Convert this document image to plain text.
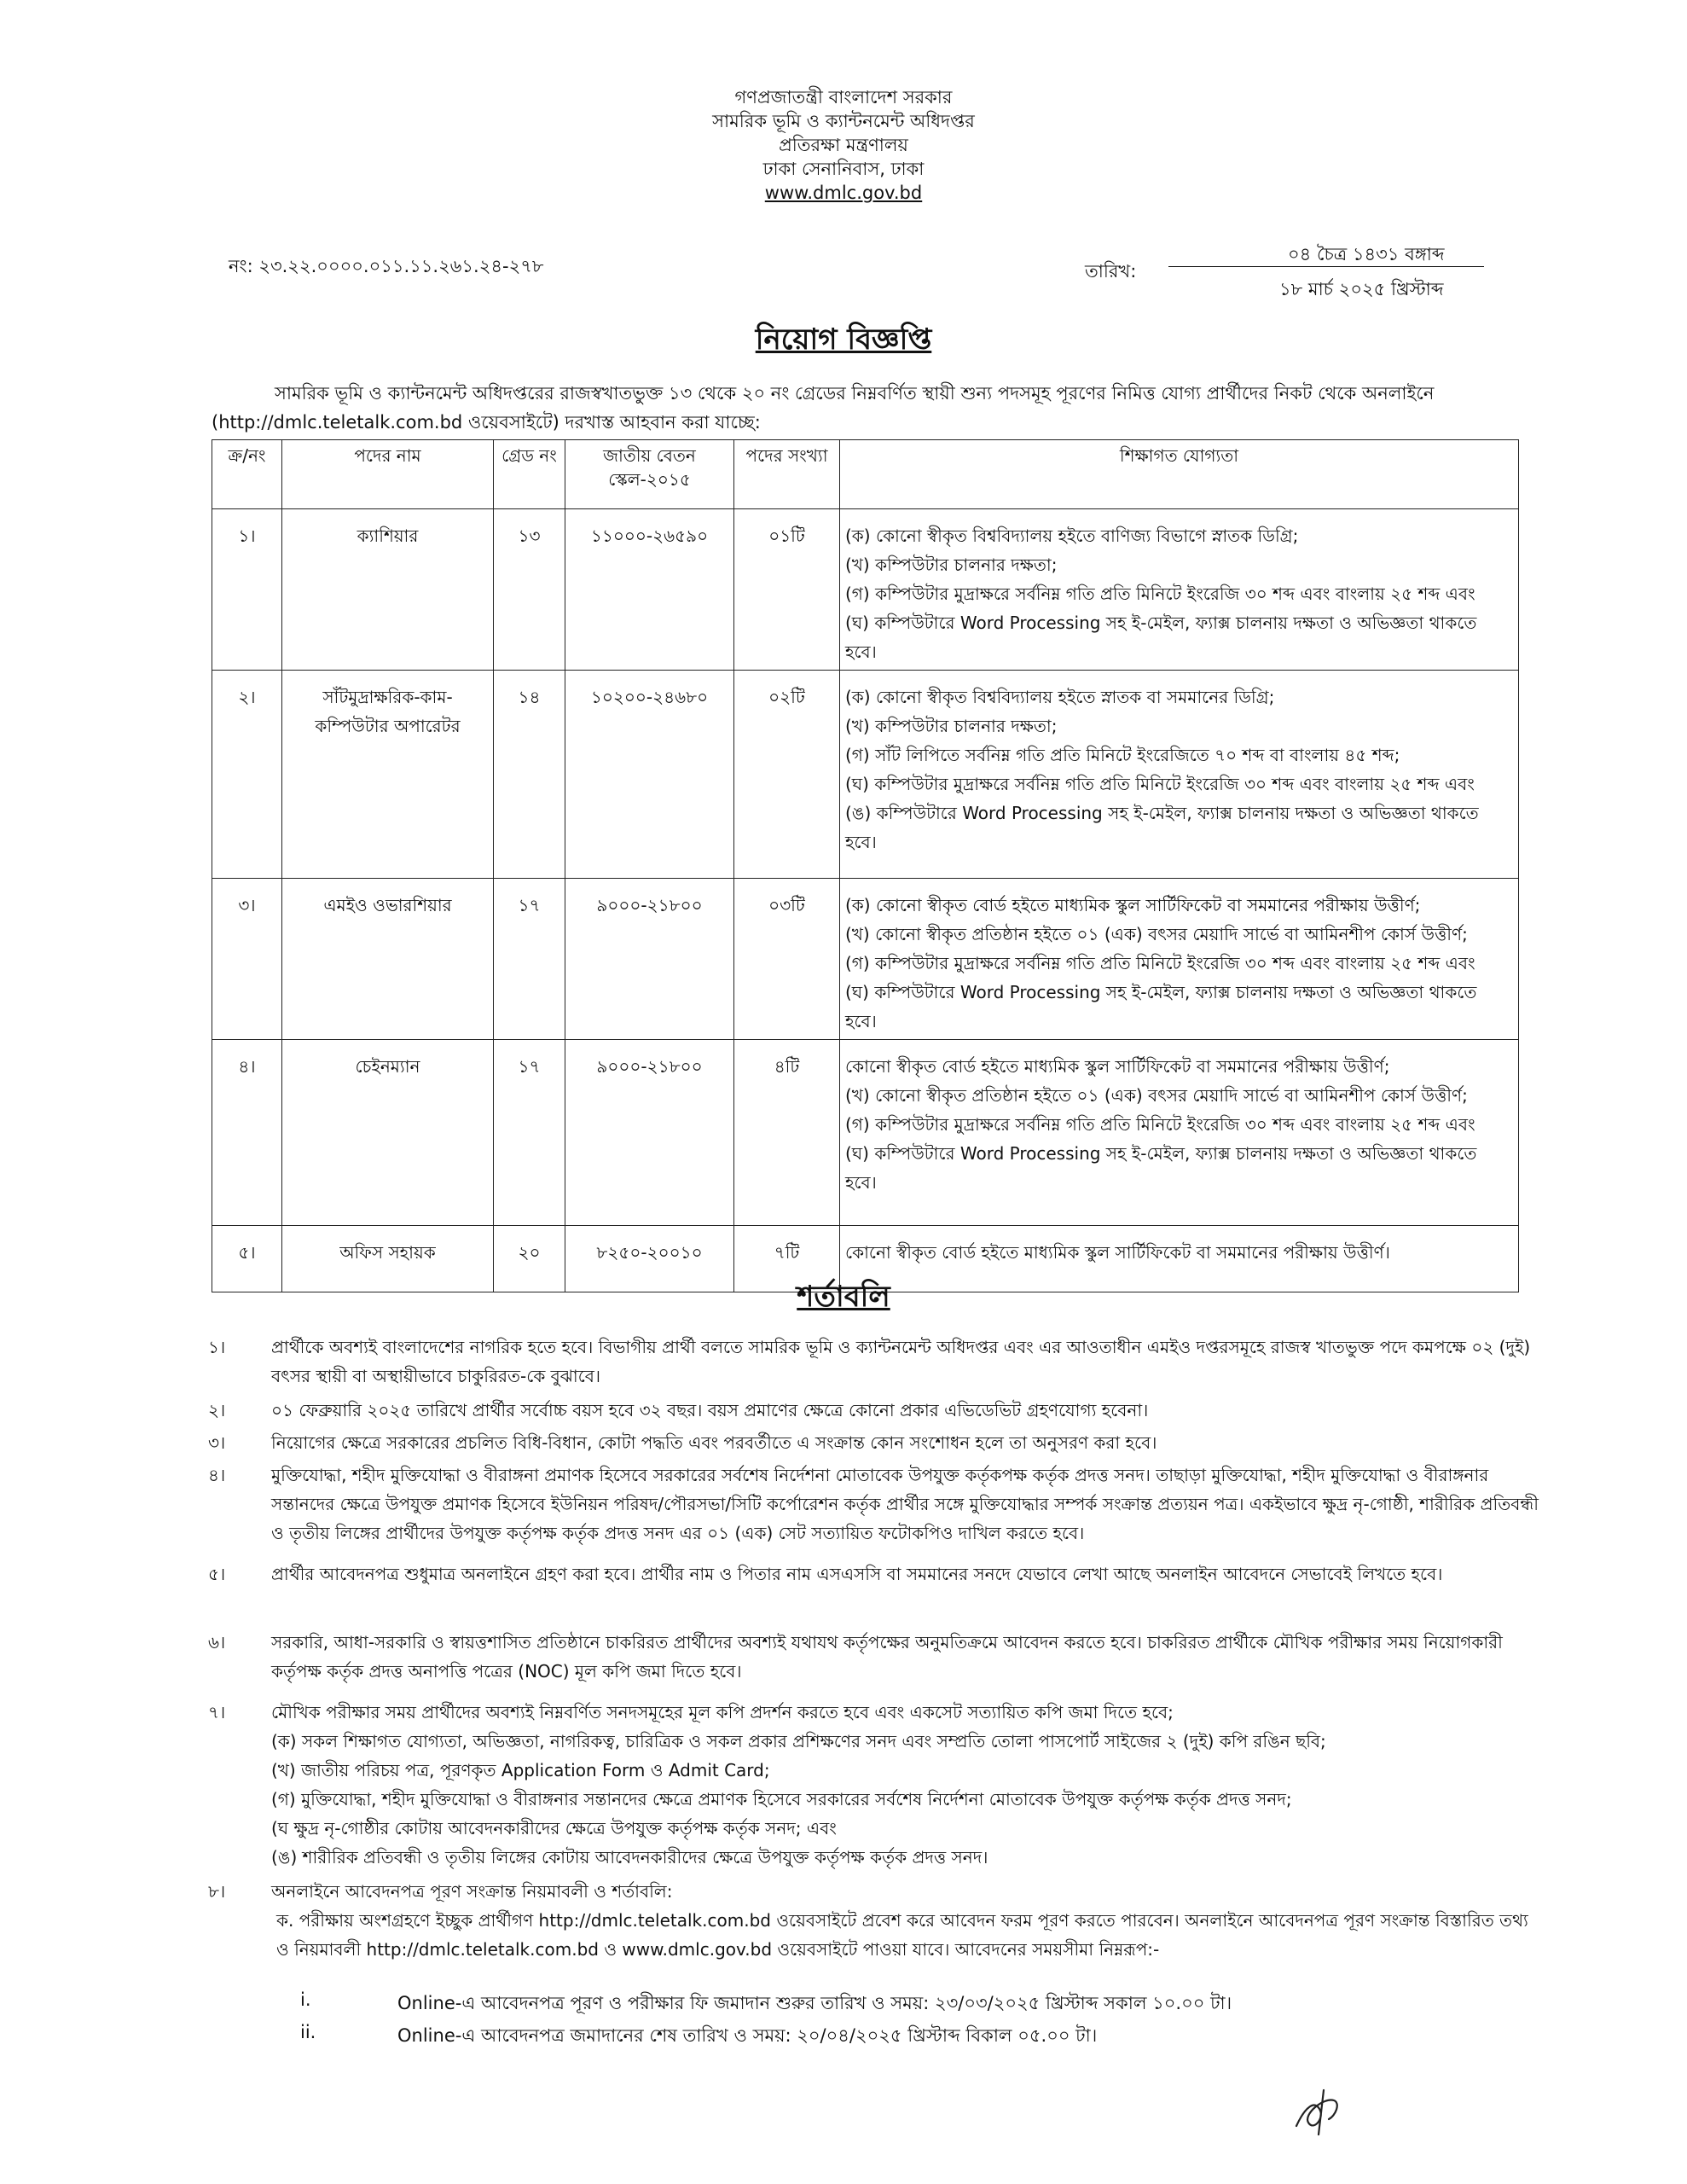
গণপ্রজাতন্ত্রী বাংলাদেশ সরকার
সামরিক ভূমি ও ক্যান্টনমেন্ট অধিদপ্তর
প্রতিরক্ষা মন্ত্রণালয়
ঢাকা সেনানিবাস, ঢাকা
www.dmlc.gov.bd
নং: ২৩.২২.০০০০.০১১.১১.২৬১.২৪-২৭৮	তারিখ:
০৪ চৈত্র ১৪৩১ বঙ্গাব্দ
১৮ মার্চ ২০২৫ খ্রিস্টাব্দ
নিয়োগ বিজ্ঞপ্তি
সামরিক ভূমি ও ক্যান্টনমেন্ট অধিদপ্তরের রাজস্বখাতভুক্ত ১৩ থেকে ২০ নং গ্রেডের নিম্নবর্ণিত স্থায়ী শুন্য পদসমূহ পূরণের নিমিত্ত যোগ্য প্রার্থীদের নিকট থেকে অনলাইনে (http://dmlc.teletalk.com.bd ওয়েবসাইটে) দরখাস্ত আহবান করা যাচ্ছে:
ক্র/নং	পদের নাম	গ্রেড নং	জাতীয় বেতন স্কেল-২০১৫	পদের সংখ্যা	শিক্ষাগত যোগ্যতা
১।	ক্যাশিয়ার	১৩	১১০০০-২৬৫৯০	০১টি	(ক) কোনো স্বীকৃত বিশ্ববিদ্যালয় হইতে বাণিজ্য বিভাগে স্নাতক ডিগ্রি;
(খ) কম্পিউটার চালনার দক্ষতা;
(গ) কম্পিউটার মুদ্রাক্ষরে সর্বনিম্ন গতি প্রতি মিনিটে ইংরেজি ৩০ শব্দ এবং বাংলায় ২৫ শব্দ এবং
(ঘ) কম্পিউটারে Word Processing সহ ই-মেইল, ফ্যাক্স চালনায় দক্ষতা ও অভিজ্ঞতা থাকতে হবে।

২।	সাঁটমুদ্রাক্ষরিক-কাম-কম্পিউটার অপারেটর	১৪	১০২০০-২৪৬৮০	০২টি	(ক) কোনো স্বীকৃত বিশ্ববিদ্যালয় হইতে স্নাতক বা সমমানের ডিগ্রি;
(খ) কম্পিউটার চালনার দক্ষতা;
(গ) সাঁট লিপিতে সর্বনিম্ন গতি প্রতি মিনিটে ইংরেজিতে ৭০ শব্দ বা বাংলায় ৪৫ শব্দ;
(ঘ) কম্পিউটার মুদ্রাক্ষরে সর্বনিম্ন গতি প্রতি মিনিটে ইংরেজি ৩০ শব্দ এবং বাংলায় ২৫ শব্দ এবং
(ঙ) কম্পিউটারে Word Processing সহ ই-মেইল, ফ্যাক্স চালনায় দক্ষতা ও অভিজ্ঞতা থাকতে হবে।

৩।	এমইও ওভারশিয়ার	১৭	৯০০০-২১৮০০	০৩টি	(ক) কোনো স্বীকৃত বোর্ড হইতে মাধ্যমিক স্কুল সার্টিফিকেট বা সমমানের পরীক্ষায় উত্তীর্ণ;
(খ) কোনো স্বীকৃত প্রতিষ্ঠান হইতে ০১ (এক) বৎসর মেয়াদি সার্ভে বা আমিনশীপ কোর্স উত্তীর্ণ;
(গ) কম্পিউটার মুদ্রাক্ষরে সর্বনিম্ন গতি প্রতি মিনিটে ইংরেজি ৩০ শব্দ এবং বাংলায় ২৫ শব্দ এবং
(ঘ) কম্পিউটারে Word Processing সহ ই-মেইল, ফ্যাক্স চালনায় দক্ষতা ও অভিজ্ঞতা থাকতে হবে।

৪।	চেইনম্যান	১৭	৯০০০-২১৮০০	৪টি	কোনো স্বীকৃত বোর্ড হইতে মাধ্যমিক স্কুল সার্টিফিকেট বা সমমানের পরীক্ষায় উত্তীর্ণ;
(খ) কোনো স্বীকৃত প্রতিষ্ঠান হইতে ০১ (এক) বৎসর মেয়াদি সার্ভে বা আমিনশীপ কোর্স উত্তীর্ণ;
(গ) কম্পিউটার মুদ্রাক্ষরে সর্বনিম্ন গতি প্রতি মিনিটে ইংরেজি ৩০ শব্দ এবং বাংলায় ২৫ শব্দ এবং
(ঘ) কম্পিউটারে Word Processing সহ ই-মেইল, ফ্যাক্স চালনায় দক্ষতা ও অভিজ্ঞতা থাকতে হবে।

৫।	অফিস সহায়ক	২০	৮২৫০-২০০১০	৭টি	কোনো স্বীকৃত বোর্ড হইতে মাধ্যমিক স্কুল সার্টিফিকেট বা সমমানের পরীক্ষায় উত্তীর্ণ।
শর্তাবলি
১।	প্রার্থীকে অবশ্যই বাংলাদেশের নাগরিক হতে হবে। বিভাগীয় প্রার্থী বলতে সামরিক ভূমি ও ক্যান্টনমেন্ট অধিদপ্তর এবং এর আওতাধীন এমইও দপ্তরসমূহে রাজস্ব খাতভুক্ত পদে কমপক্ষে ০২ (দুই) বৎসর স্থায়ী বা অস্থায়ীভাবে চাকুরিরত-কে বুঝাবে।
২।	০১ ফেব্রুয়ারি ২০২৫ তারিখে প্রার্থীর সর্বোচ্চ বয়স হবে ৩২ বছর। বয়স প্রমাণের ক্ষেত্রে কোনো প্রকার এভিডেভিট গ্রহণযোগ্য হবেনা।
৩।	নিয়োগের ক্ষেত্রে সরকারের প্রচলিত বিধি-বিধান, কোটা পদ্ধতি এবং পরবর্তীতে এ সংক্রান্ত কোন সংশোধন হলে তা অনুসরণ করা হবে।
৪।	মুক্তিযোদ্ধা, শহীদ মুক্তিযোদ্ধা ও বীরাঙ্গনা প্রমাণক হিসেবে সরকারের সর্বশেষ নির্দেশনা মোতাবেক উপযুক্ত কর্তৃকপক্ষ কর্তৃক প্রদত্ত সনদ। তাছাড়া মুক্তিযোদ্ধা, শহীদ মুক্তিযোদ্ধা ও বীরাঙ্গনার সন্তানদের ক্ষেত্রে উপযুক্ত প্রমাণক হিসেবে ইউনিয়ন পরিষদ/পৌরসভা/সিটি কর্পোরেশন কর্তৃক প্রার্থীর সঙ্গে মুক্তিযোদ্ধার সম্পর্ক সংক্রান্ত প্রত্যয়ন পত্র। একইভাবে ক্ষুদ্র নৃ-গোষ্ঠী, শারীরিক প্রতিবন্ধী ও তৃতীয় লিঙ্গের প্রার্থীদের উপযুক্ত কর্তৃপক্ষ কর্তৃক প্রদত্ত সনদ এর ০১ (এক) সেট সত্যায়িত ফটোকপিও দাখিল করতে হবে।
৫।	প্রার্থীর আবেদনপত্র শুধুমাত্র অনলাইনে গ্রহণ করা হবে। প্রার্থীর নাম ও পিতার নাম এসএসসি বা সমমানের সনদে যেভাবে লেখা আছে অনলাইন আবেদনে সেভাবেই লিখতে হবে।
৬।	সরকারি, আধা-সরকারি ও স্বায়ত্তশাসিত প্রতিষ্ঠানে চাকরিরত প্রার্থীদের অবশ্যই যথাযথ কর্তৃপক্ষের অনুমতিক্রমে আবেদন করতে হবে। চাকরিরত প্রার্থীকে মৌখিক পরীক্ষার সময় নিয়োগকারী কর্তৃপক্ষ কর্তৃক প্রদত্ত অনাপত্তি পত্রের (NOC) মূল কপি জমা দিতে হবে।
৭।	মৌখিক পরীক্ষার সময় প্রার্থীদের অবশ্যই নিম্নবর্ণিত সনদসমূহের মূল কপি প্রদর্শন করতে হবে এবং একসেট সত্যায়িত কপি জমা দিতে হবে;
(ক) সকল শিক্ষাগত যোগ্যতা, অভিজ্ঞতা, নাগরিকত্ব, চারিত্রিক ও সকল প্রকার প্রশিক্ষণের সনদ এবং সম্প্রতি তোলা পাসপোর্ট সাইজের ২ (দুই) কপি রঙিন ছবি;
(খ) জাতীয় পরিচয় পত্র, পূরণকৃত Application Form ও Admit Card;
(গ) মুক্তিযোদ্ধা, শহীদ মুক্তিযোদ্ধা ও বীরাঙ্গনার সন্তানদের ক্ষেত্রে প্রমাণক হিসেবে সরকারের সর্বশেষ নির্দেশনা মোতাবেক উপযুক্ত কর্তৃপক্ষ কর্তৃক প্রদত্ত সনদ;
(ঘ ক্ষুদ্র নৃ-গোষ্ঠীর কোটায় আবেদনকারীদের ক্ষেত্রে উপযুক্ত কর্তৃপক্ষ কর্তৃক সনদ; এবং
(ঙ) শারীরিক প্রতিবন্ধী ও তৃতীয় লিঙ্গের কোটায় আবেদনকারীদের ক্ষেত্রে উপযুক্ত কর্তৃপক্ষ কর্তৃক প্রদত্ত সনদ।
৮।	অনলাইনে আবেদনপত্র পূরণ সংক্রান্ত নিয়মাবলী ও শর্তাবলি:
ক. পরীক্ষায় অংশগ্রহণে ইচ্ছুক প্রার্থীগণ http://dmlc.teletalk.com.bd ওয়েবসাইটে প্রবেশ করে আবেদন ফরম পূরণ করতে পারবেন। অনলাইনে আবেদনপত্র পূরণ সংক্রান্ত বিস্তারিত তথ্য ও নিয়মাবলী http://dmlc.teletalk.com.bd ও www.dmlc.gov.bd ওয়েবসাইটে পাওয়া যাবে। আবেদনের সময়সীমা নিম্নরূপ:-
i.	Online-এ আবেদনপত্র পূরণ ও পরীক্ষার ফি জমাদান শুরুর তারিখ ও সময়: ২৩/০৩/২০২৫ খ্রিস্টাব্দ সকাল ১০.০০ টা।
ii.	Online-এ আবেদনপত্র জমাদানের শেষ তারিখ ও সময়: ২০/০৪/২০২৫ খ্রিস্টাব্দ বিকাল ০৫.০০ টা।
